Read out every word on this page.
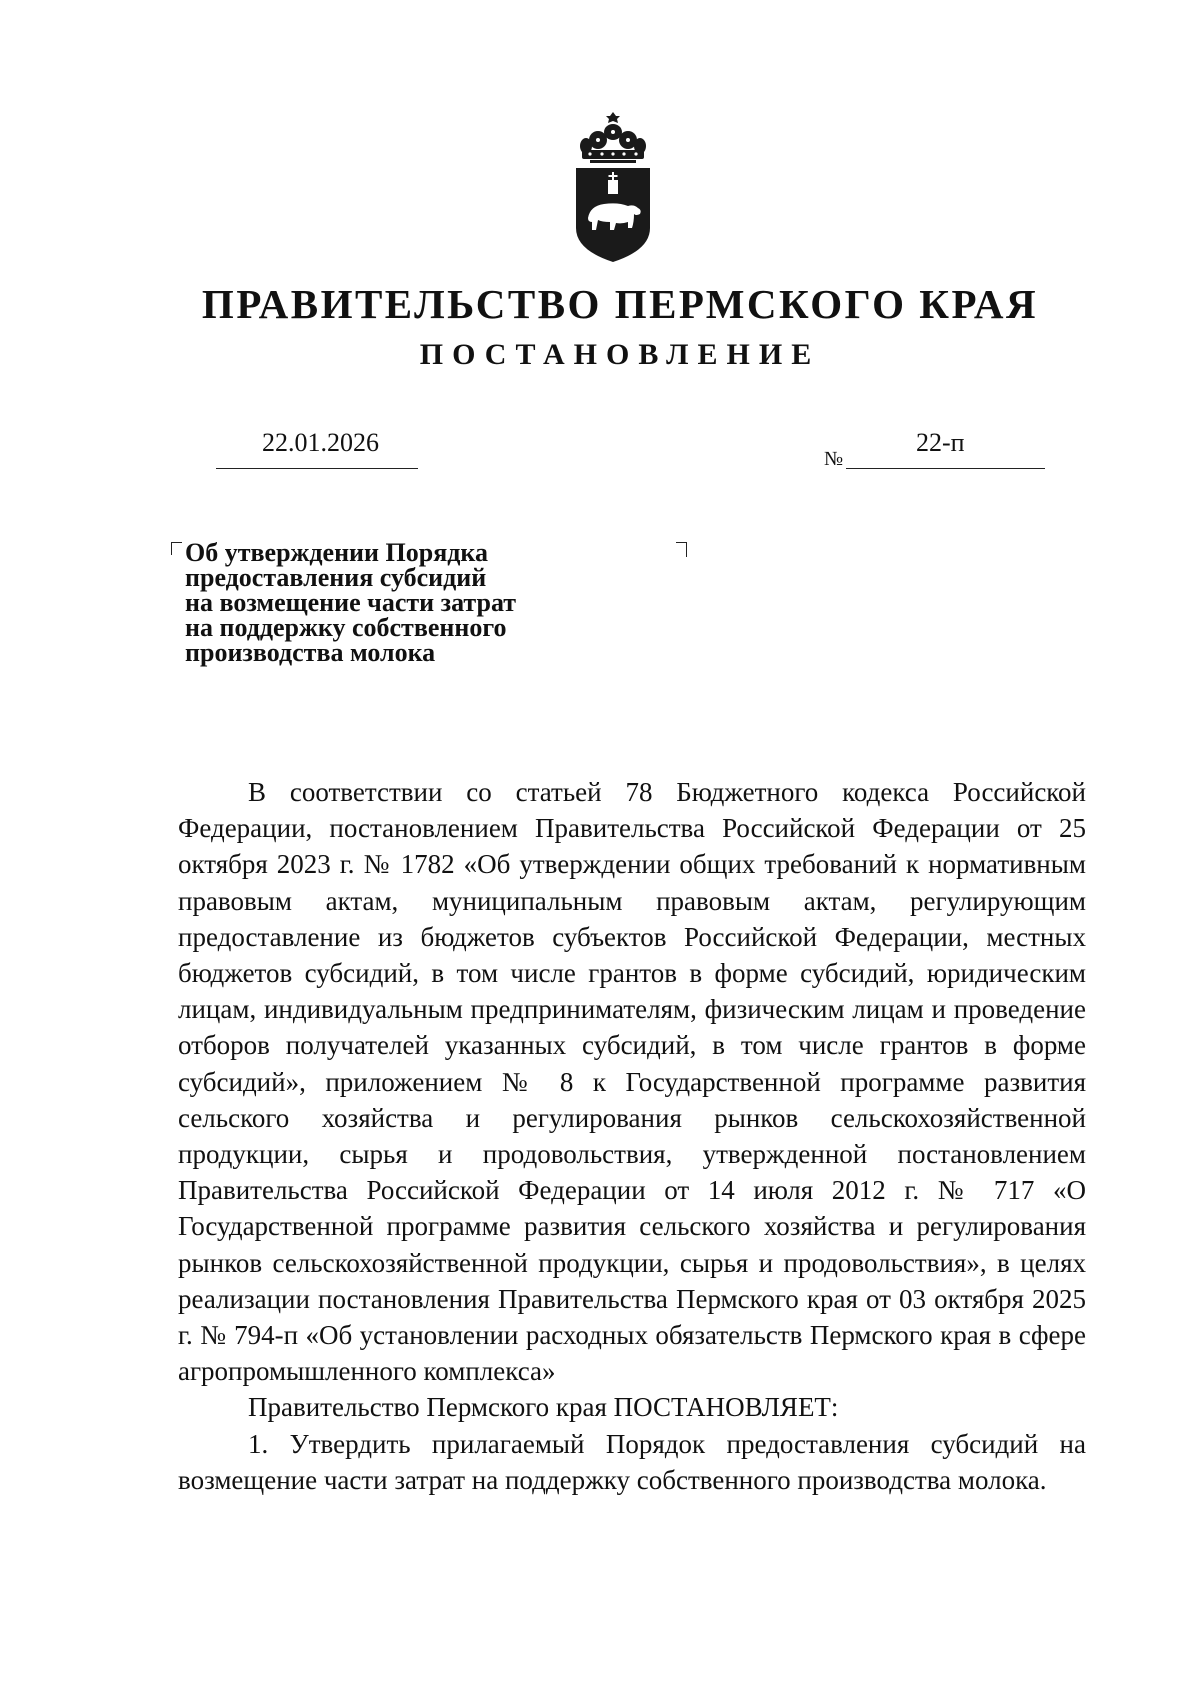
ПРАВИТЕЛЬСТВО ПЕРМСКОГО КРАЯ
ПОСТАНОВЛЕНИЕ
22.01.2026
№
22-п
Об утверждении Порядка
предоставления субсидий
на возмещение части затрат
на поддержку собственного
производства молока

В соответствии со статьей 78 Бюджетного кодекса Российской Федерации, постановлением Правительства Российской Федерации от 25 октября 2023 г. № 1782 «Об утверждении общих требований к нормативным правовым актам, муниципальным правовым актам, регулирующим предоставление из бюджетов субъектов Российской Федерации, местных бюджетов субсидий, в том числе грантов в форме субсидий, юридическим лицам, индивидуальным предпринимателям, физическим лицам и проведение отборов получателей указанных субсидий, в том числе грантов в форме субсидий», приложением № 8 к Государственной программе развития сельского хозяйства и регулирования рынков сельскохозяйственной продукции, сырья и продовольствия, утвержденной постановлением Правительства Российской Федерации от 14 июля 2012 г. № 717 «О Государственной программе развития сельского хозяйства и регулирования рынков сельскохозяйственной продукции, сырья и продовольствия», в целях реализации постановления Правительства Пермского края от 03 октября 2025 г. № 794-п «Об установлении расходных обязательств Пермского края в сфере агропромышленного комплекса»

Правительство Пермского края ПОСТАНОВЛЯЕТ:

1. Утвердить прилагаемый Порядок предоставления субсидий на возмещение части затрат на поддержку собственного производства молока.
